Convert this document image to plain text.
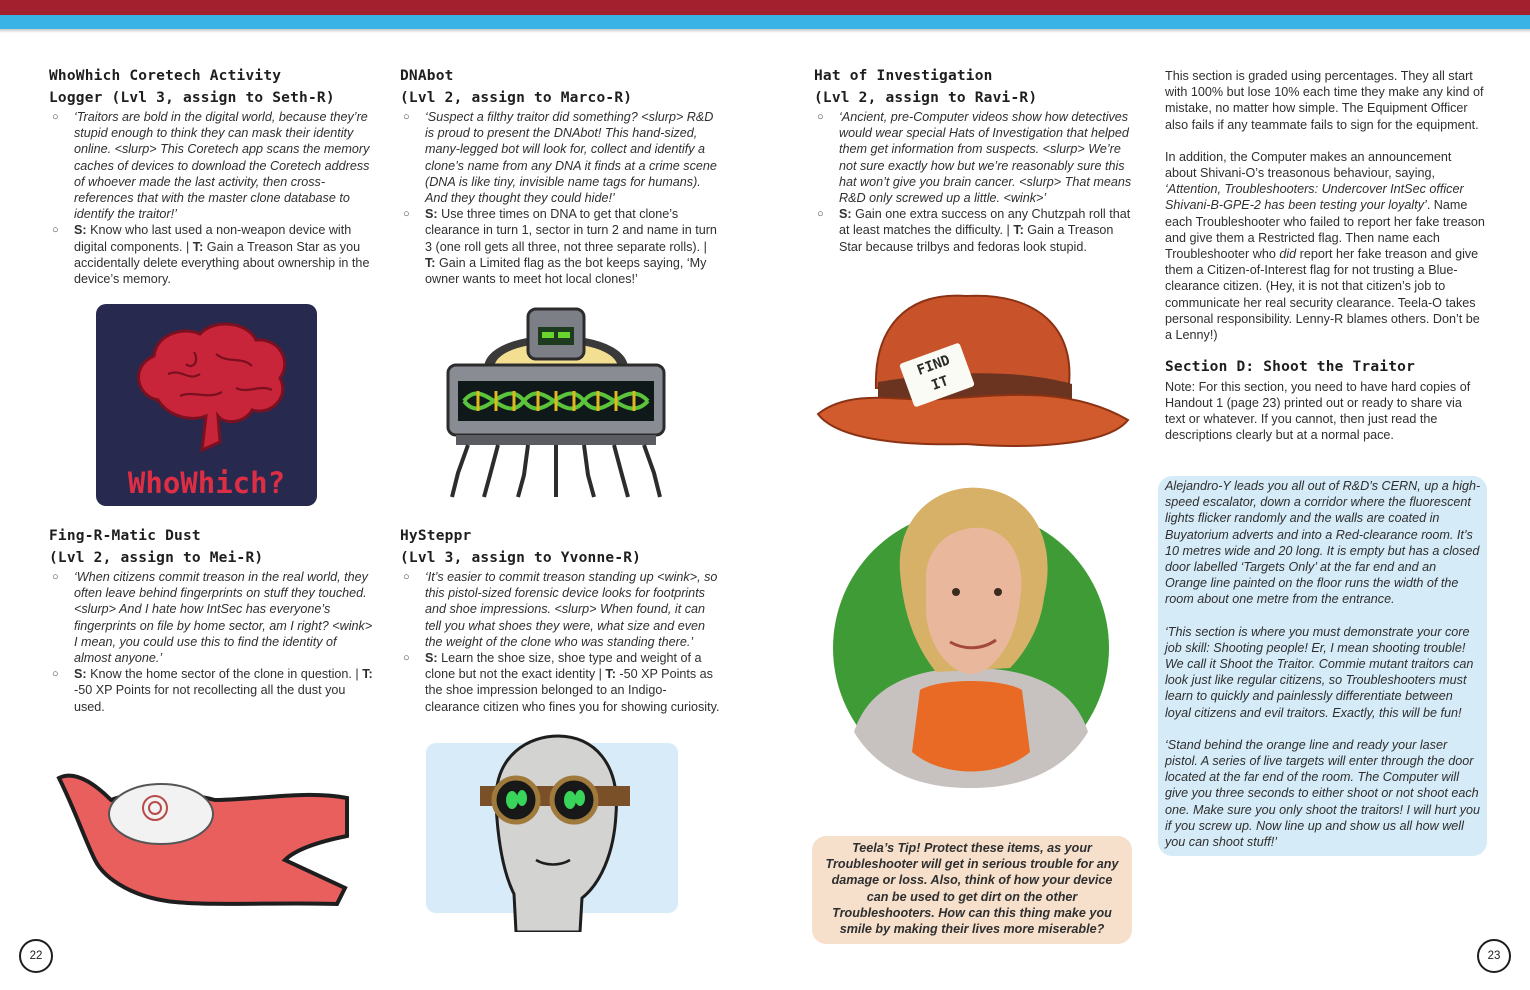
WhoWhich Coretech Activity
Logger (Lvl 3, assign to Seth-R)
○ ‘Traitors are bold in the digital world, because they’re stupid enough to think they can mask their identity online. <slurp> This Coretech app scans the memory caches of devices to download the Coretech address of whoever made the last activity, then cross-references that with the master clone database to identify the traitor!’
○ S: Know who last used a non-weapon device with digital components. | T: Gain a Treason Star as you accidentally delete everything about ownership in the device’s memory.
DNAbot
(Lvl 2, assign to Marco-R)
○ ‘Suspect a filthy traitor did something? <slurp> R&D is proud to present the DNAbot! This hand-sized, many-legged bot will look for, collect and identify a clone’s name from any DNA it finds at a crime scene (DNA is like tiny, invisible name tags for humans). And they thought they could hide!’
○ S: Use three times on DNA to get that clone’s clearance in turn 1, sector in turn 2 and name in turn 3 (one roll gets all three, not three separate rolls). | T: Gain a Limited flag as the bot keeps saying, ‘My owner wants to meet hot local clones!’
Hat of Investigation
(Lvl 2, assign to Ravi-R)
○ ‘Ancient, pre-Computer videos show how detectives would wear special Hats of Investigation that helped them get information from suspects. <slurp> We’re not sure exactly how but we’re reasonably sure this hat won’t give you brain cancer. <slurp> That means R&D only screwed up a little. <wink>’
○ S: Gain one extra success on any Chutzpah roll that at least matches the difficulty. | T: Gain a Treason Star because trilbys and fedoras look stupid.
Fing-R-Matic Dust
(Lvl 2, assign to Mei-R)
○ ‘When citizens commit treason in the real world, they often leave behind fingerprints on stuff they touched. <slurp> And I hate how IntSec has everyone’s fingerprints on file by home sector, am I right? <wink> I mean, you could use this to find the identity of almost anyone.’
○ S: Know the home sector of the clone in question. | T: -50 XP Points for not recollecting all the dust you used.
HySteppr
(Lvl 3, assign to Yvonne-R)
○ ‘It’s easier to commit treason standing up <wink>, so this pistol-sized forensic device looks for footprints and shoe impressions. <slurp> When found, it can tell you what shoes they were, what size and even the weight of the clone who was standing there.’
○ S: Learn the shoe size, shoe type and weight of a clone but not the exact identity | T: -50 XP Points as the shoe impression belonged to an Indigo-clearance citizen who fines you for showing curiosity.

This section is graded using percentages. They all start with 100% but lose 10% each time they make any kind of mistake, no matter how simple. The Equipment Officer also fails if any teammate fails to sign for the equipment.

In addition, the Computer makes an announcement about Shivani-O’s treasonous behaviour, saying, ‘Attention, Troubleshooters: Undercover IntSec officer Shivani-B-GPE-2 has been testing your loyalty’. Name each Troubleshooter who failed to report her fake treason and give them a Restricted flag. Then name each Troubleshooter who did report her fake treason and give them a Citizen-of-Interest flag for not trusting a Blue-clearance citizen. (Hey, it is not that citizen’s job to communicate her real security clearance. Teela-O takes personal responsibility. Lenny-R blames others. Don’t be a Lenny!)

Section D: Shoot the Traitor

Note: For this section, you need to have hard copies of Handout 1 (page 23) printed out or ready to share via text or whatever. If you cannot, then just read the descriptions clearly but at a normal pace.

Alejandro-Y leads you all out of R&D’s CERN, up a high-speed escalator, down a corridor where the fluorescent lights flicker randomly and the walls are coated in Buyatorium adverts and into a Red-clearance room. It’s 10 metres wide and 20 long. It is empty but has a closed door labelled ‘Targets Only’ at the far end and an Orange line painted on the floor runs the width of the room about one metre from the entrance.

‘This section is where you must demonstrate your core job skill: Shooting people! Er, I mean shooting trouble! We call it Shoot the Traitor. Commie mutant traitors can look just like regular citizens, so Troubleshooters must learn to quickly and painlessly differentiate between loyal citizens and evil traitors. Exactly, this will be fun!

‘Stand behind the orange line and ready your laser pistol. A series of live targets will enter through the door located at the far end of the room. The Computer will give you three seconds to either shoot or not shoot each one. Make sure you only shoot the traitors! I will hurt you if you screw up. Now line up and show us all how well you can shoot stuff!’

Teela’s Tip! Protect these items, as your Troubleshooter will get in serious trouble for any damage or loss. Also, think of how your device can be used to get dirt on the other Troubleshooters. How can this thing make you smile by making their lives more miserable?

WhoWhich?
FIND
IT
22	23
